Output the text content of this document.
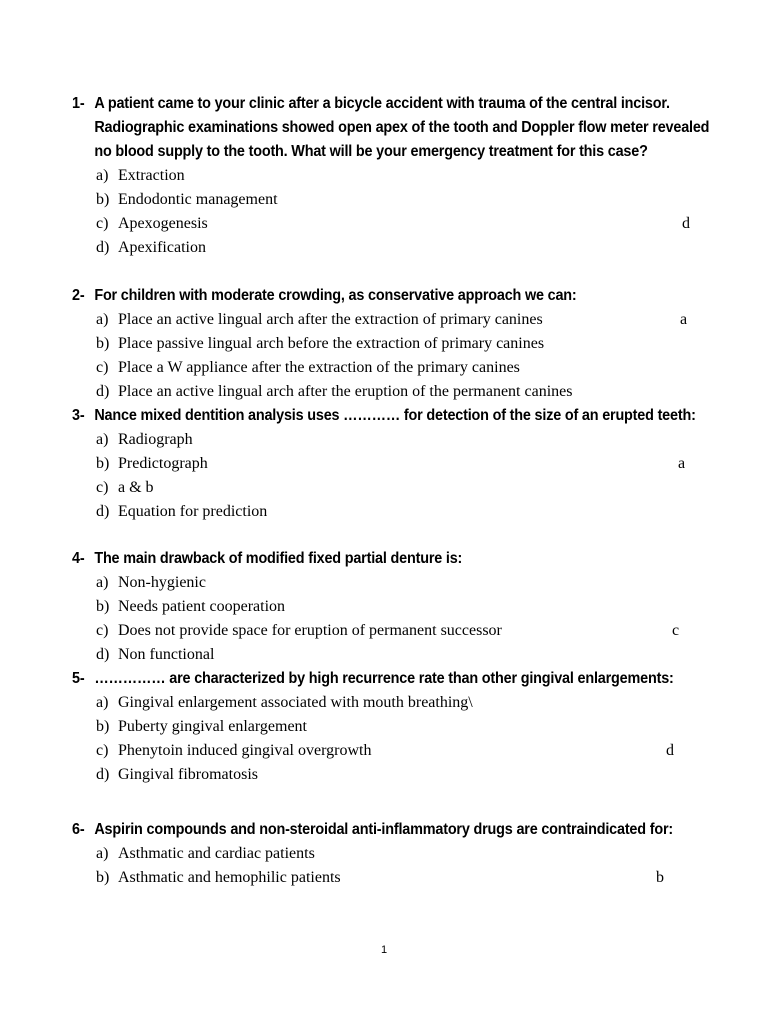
1- A patient came to your clinic after a bicycle accident with trauma of the central incisor. Radiographic examinations showed open apex of the tooth and Doppler flow meter revealed no blood supply to the tooth. What will be your emergency treatment for this case?
a) Extraction
b) Endodontic management
c) Apexogenesis	d
d) Apexification
2- For children with moderate crowding, as conservative approach we can:
a) Place an active lingual arch after the extraction of primary canines	a
b) Place passive lingual arch before the extraction of primary canines
c) Place a W appliance after the extraction of the primary canines
d) Place an active lingual arch after the eruption of the permanent canines
3- Nance mixed dentition analysis uses ………… for detection of the size of an erupted teeth:
a) Radiograph
b) Predictograph	a
c) a & b
d) Equation for prediction
4- The main drawback of modified fixed partial denture is:
a) Non-hygienic
b) Needs patient cooperation
c) Does not provide space for eruption of permanent successor	c
d) Non functional
5- …………… are characterized by high recurrence rate than other gingival enlargements:
a) Gingival enlargement associated with mouth breathing\
b) Puberty gingival enlargement
c) Phenytoin induced gingival overgrowth	d
d) Gingival fibromatosis
6- Aspirin compounds and non-steroidal anti-inflammatory drugs are contraindicated for:
a) Asthmatic and cardiac patients
b) Asthmatic and hemophilic patients	b
1
